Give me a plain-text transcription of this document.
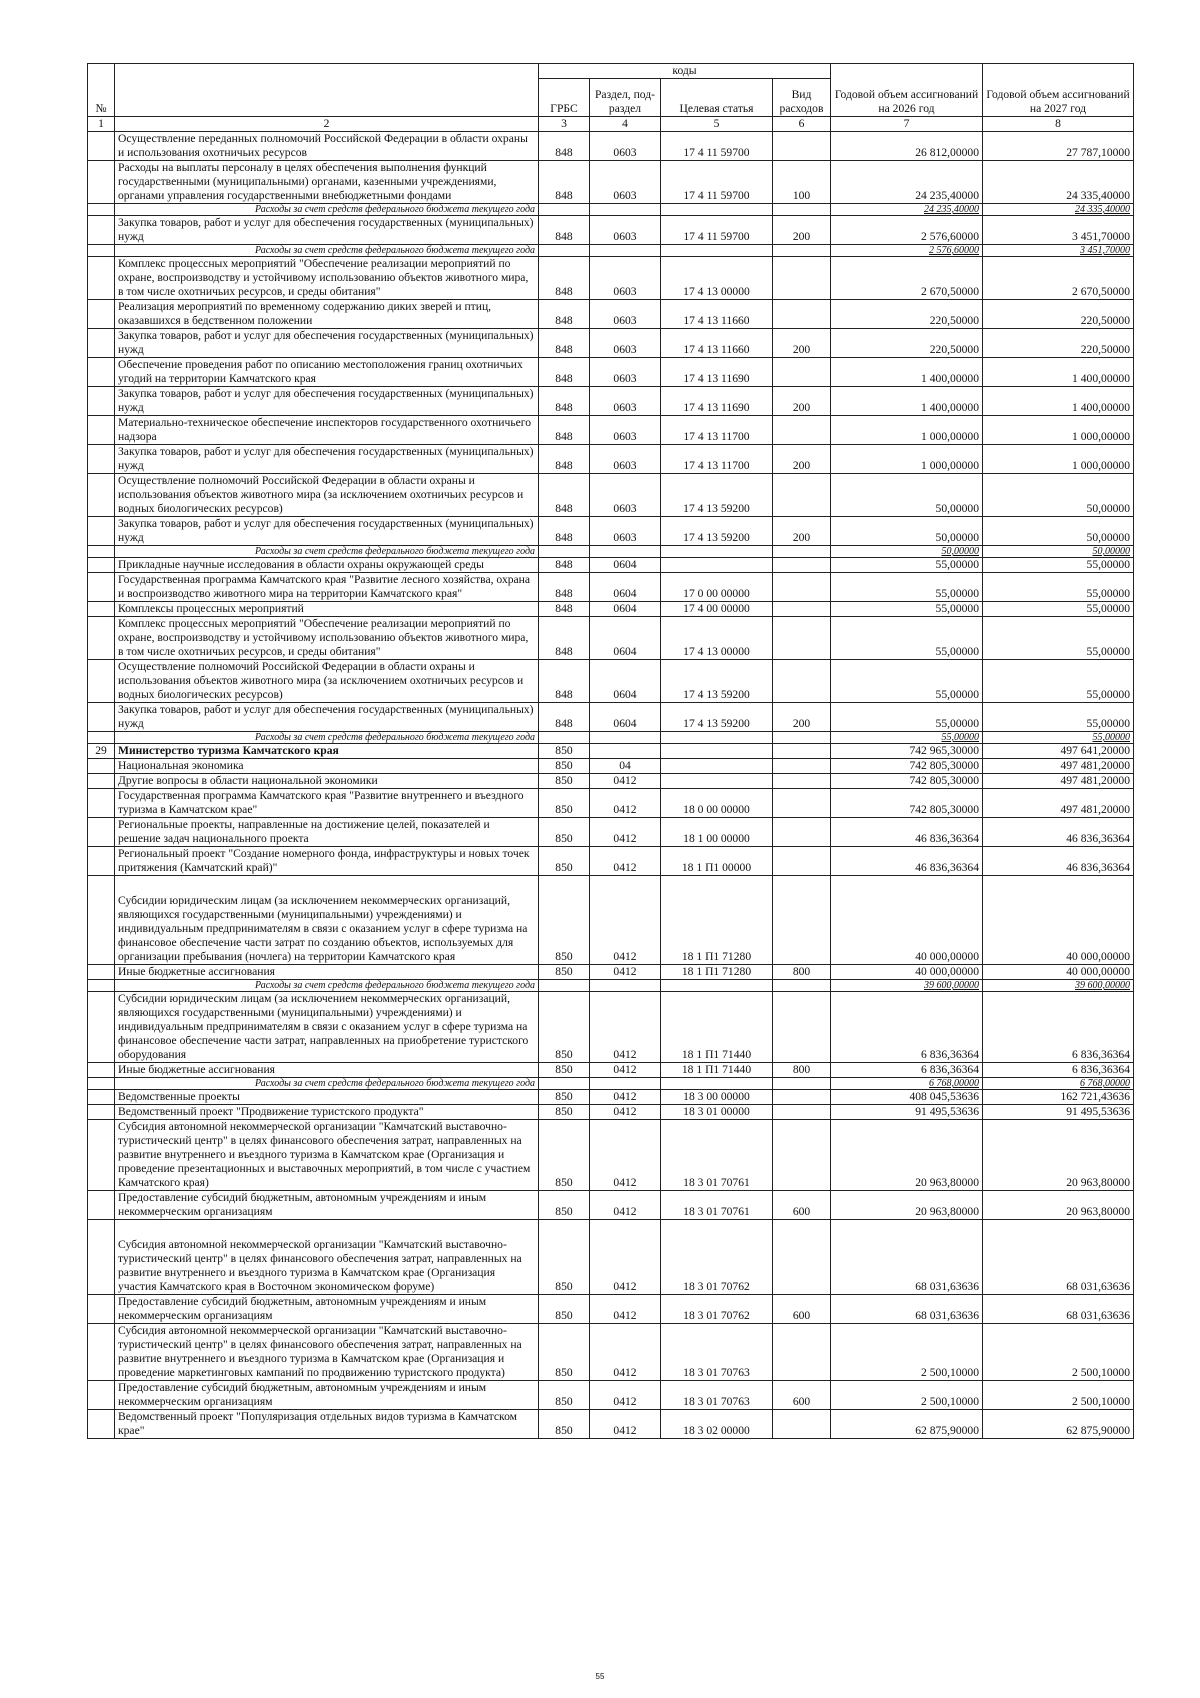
№		коды				Годовой объем ассигнований на 2026 год	Годовой объем ассигнований на 2027 год
		ГРБС	Раздел, под-раздел	Целевая статья	Вид расходов		
1	2	3	4	5	6	7	8
	Осуществление переданных полномочий Российской Федерации в области охраны и использования охотничьих ресурсов	848	0603	17 4 11 59700		26 812,00000	27 787,10000
	Расходы на выплаты персоналу в целях обеспечения выполнения функций государственными (муниципальными) органами, казенными учреждениями, органами управления государственными внебюджетными фондами	848	0603	17 4 11 59700	100	24 235,40000	24 335,40000
	Расходы за счет средств федерального бюджета текущего года					24 235,40000	24 335,40000
	Закупка товаров, работ и услуг для обеспечения государственных (муниципальных) нужд	848	0603	17 4 11 59700	200	2 576,60000	3 451,70000
	Расходы за счет средств федерального бюджета текущего года					2 576,60000	3 451,70000
	Комплекс процессных мероприятий "Обеспечение реализации мероприятий по охране, воспроизводству и устойчивому использованию объектов животного мира, в том числе охотничьих ресурсов, и среды обитания"	848	0603	17 4 13 00000		2 670,50000	2 670,50000
	Реализация мероприятий по временному содержанию диких зверей и птиц, оказавшихся в бедственном положении	848	0603	17 4 13 11660		220,50000	220,50000
	Закупка товаров, работ и услуг для обеспечения государственных (муниципальных) нужд	848	0603	17 4 13 11660	200	220,50000	220,50000
	Обеспечение проведения работ по описанию местоположения границ охотничьих угодий на территории Камчатского края	848	0603	17 4 13 11690		1 400,00000	1 400,00000
	Закупка товаров, работ и услуг для обеспечения государственных (муниципальных) нужд	848	0603	17 4 13 11690	200	1 400,00000	1 400,00000
	Материально-техническое обеспечение инспекторов государственного охотничьего надзора	848	0603	17 4 13 11700		1 000,00000	1 000,00000
	Закупка товаров, работ и услуг для обеспечения государственных (муниципальных) нужд	848	0603	17 4 13 11700	200	1 000,00000	1 000,00000
	Осуществление полномочий Российской Федерации в области охраны и использования объектов животного мира (за исключением охотничьих ресурсов и водных биологических ресурсов)	848	0603	17 4 13 59200		50,00000	50,00000
	Закупка товаров, работ и услуг для обеспечения государственных (муниципальных) нужд	848	0603	17 4 13 59200	200	50,00000	50,00000
	Расходы за счет средств федерального бюджета текущего года					50,00000	50,00000
	Прикладные научные исследования в области охраны окружающей среды	848	0604			55,00000	55,00000
	Государственная программа Камчатского края "Развитие лесного хозяйства, охрана и воспроизводство животного мира на территории Камчатского края"	848	0604	17 0 00 00000		55,00000	55,00000
	Комплексы процессных мероприятий	848	0604	17 4 00 00000		55,00000	55,00000
	Комплекс процессных мероприятий "Обеспечение реализации мероприятий по охране, воспроизводству и устойчивому использованию объектов животного мира, в том числе охотничьих ресурсов, и среды обитания"	848	0604	17 4 13 00000		55,00000	55,00000
	Осуществление полномочий Российской Федерации в области охраны и использования объектов животного мира (за исключением охотничьих ресурсов и водных биологических ресурсов)	848	0604	17 4 13 59200		55,00000	55,00000
	Закупка товаров, работ и услуг для обеспечения государственных (муниципальных) нужд	848	0604	17 4 13 59200	200	55,00000	55,00000
	Расходы за счет средств федерального бюджета текущего года					55,00000	55,00000
29	Министерство туризма Камчатского края	850				742 965,30000	497 641,20000
	Национальная экономика	850	04			742 805,30000	497 481,20000
	Другие вопросы в области национальной экономики	850	0412			742 805,30000	497 481,20000
	Государственная программа Камчатского края "Развитие внутреннего и въездного туризма в Камчатском крае"	850	0412	18 0 00 00000		742 805,30000	497 481,20000
	Региональные проекты, направленные на достижение целей, показателей и решение задач национального проекта	850	0412	18 1 00 00000		46 836,36364	46 836,36364
	Региональный проект "Создание номерного фонда, инфраструктуры и новых точек притяжения (Камчатский край)"	850	0412	18 1 П1 00000		46 836,36364	46 836,36364
	Субсидии юридическим лицам (за исключением некоммерческих организаций, являющихся государственными (муниципальными) учреждениями) и индивидуальным предпринимателям в связи с оказанием услуг в сфере туризма на финансовое обеспечение части затрат по созданию объектов, используемых для организации пребывания (ночлега) на территории Камчатского края	850	0412	18 1 П1 71280		40 000,00000	40 000,00000
	Иные бюджетные ассигнования	850	0412	18 1 П1 71280	800	40 000,00000	40 000,00000
	Расходы за счет средств федерального бюджета текущего года					39 600,00000	39 600,00000
	Субсидии юридическим лицам (за исключением некоммерческих организаций, являющихся государственными (муниципальными) учреждениями) и индивидуальным предпринимателям в связи с оказанием услуг в сфере туризма на финансовое обеспечение части затрат, направленных на приобретение туристского оборудования	850	0412	18 1 П1 71440		6 836,36364	6 836,36364
	Иные бюджетные ассигнования	850	0412	18 1 П1 71440	800	6 836,36364	6 836,36364
	Расходы за счет средств федерального бюджета текущего года					6 768,00000	6 768,00000
	Ведомственные проекты	850	0412	18 3 00 00000		408 045,53636	162 721,43636
	Ведомственный проект "Продвижение туристского продукта"	850	0412	18 3 01 00000		91 495,53636	91 495,53636
	Субсидия автономной некоммерческой организации "Камчатский выставочно-туристический центр" в целях финансового обеспечения затрат, направленных на развитие внутреннего и въездного туризма в Камчатском крае (Организация и проведение презентационных и выставочных мероприятий, в том числе с участием Камчатского края)	850	0412	18 3 01 70761		20 963,80000	20 963,80000
	Предоставление субсидий бюджетным, автономным учреждениям и иным некоммерческим организациям	850	0412	18 3 01 70761	600	20 963,80000	20 963,80000
	Субсидия автономной некоммерческой организации "Камчатский выставочно-туристический центр" в целях финансового обеспечения затрат, направленных на развитие внутреннего и въездного туризма в Камчатском крае (Организация участия Камчатского края в Восточном экономическом форуме)	850	0412	18 3 01 70762		68 031,63636	68 031,63636
	Предоставление субсидий бюджетным, автономным учреждениям и иным некоммерческим организациям	850	0412	18 3 01 70762	600	68 031,63636	68 031,63636
	Субсидия автономной некоммерческой организации "Камчатский выставочно-туристический центр" в целях финансового обеспечения затрат, направленных на развитие внутреннего и въездного туризма в Камчатском крае (Организация и проведение маркетинговых кампаний по продвижению туристского продукта)	850	0412	18 3 01 70763		2 500,10000	2 500,10000
	Предоставление субсидий бюджетным, автономным учреждениям и иным некоммерческим организациям	850	0412	18 3 01 70763	600	2 500,10000	2 500,10000
	Ведомственный проект "Популяризация отдельных видов туризма в Камчатском крае"	850	0412	18 3 02 00000		62 875,90000	62 875,90000
55
